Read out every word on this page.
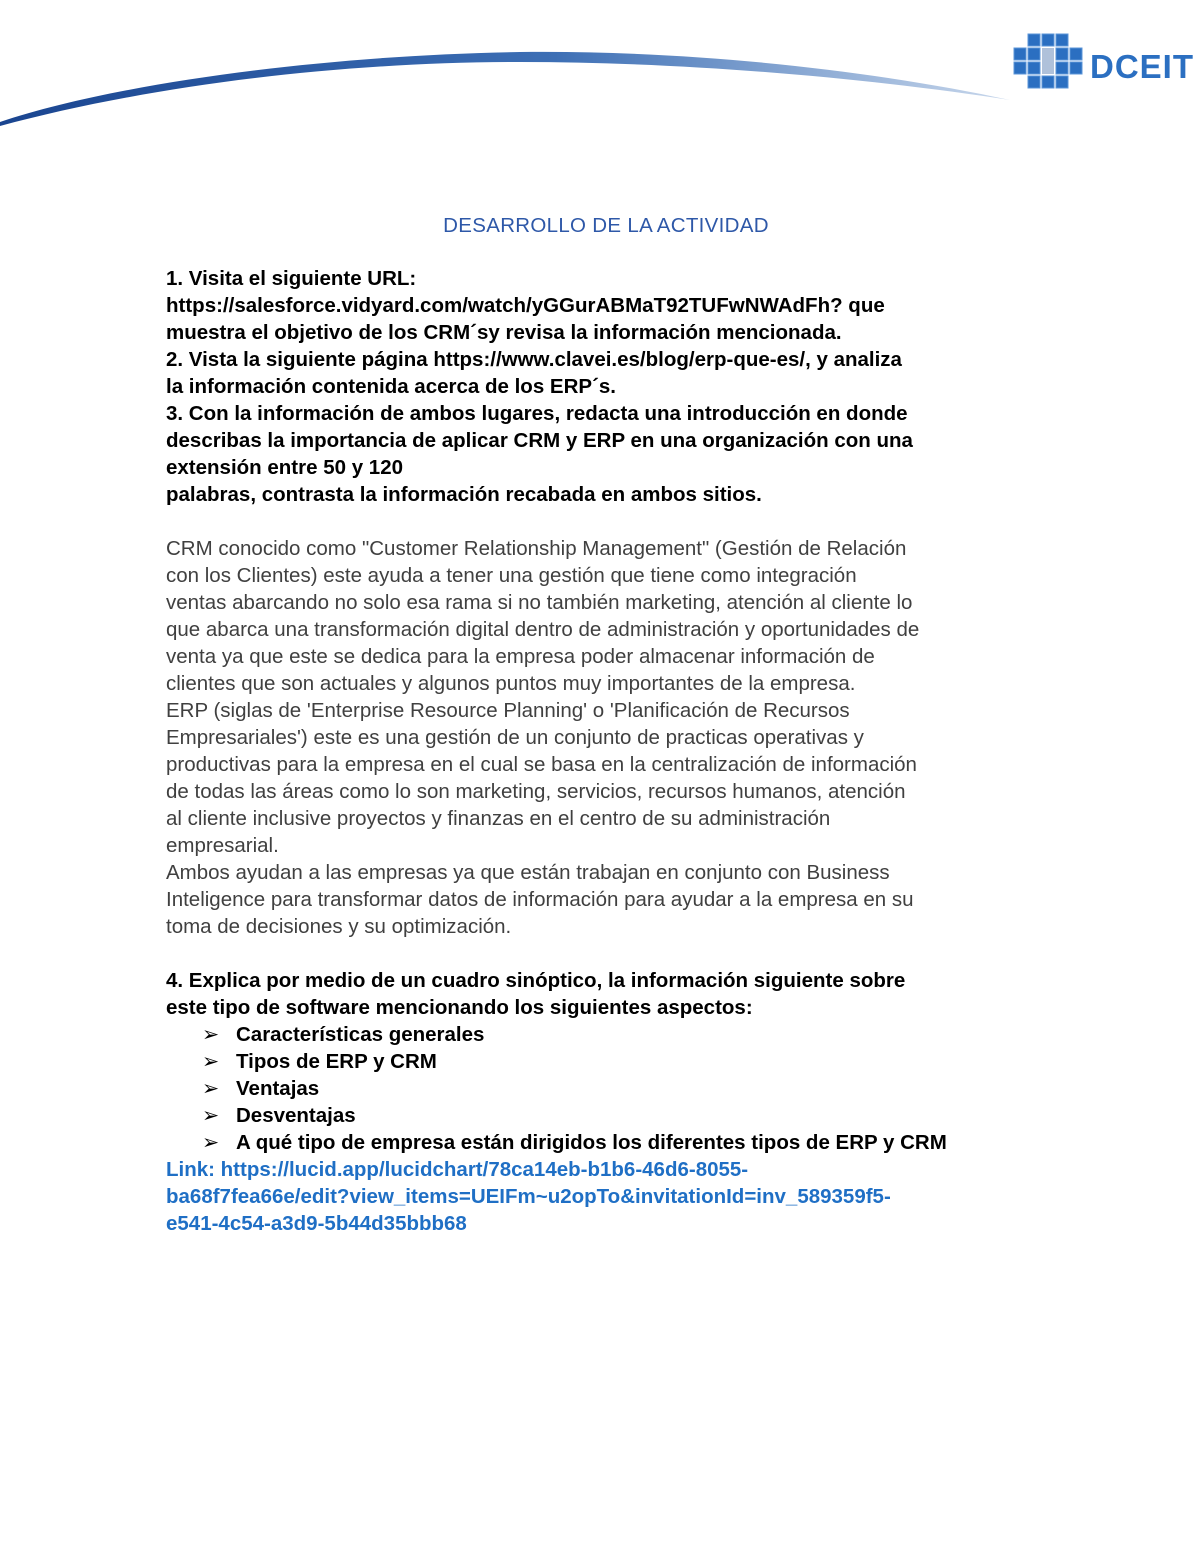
DCEIT
DESARROLLO DE LA ACTIVIDAD

1. Visita el siguiente URL:

https://salesforce.vidyard.com/watch/yGGurABMaT92TUFwNWAdFh? que

muestra el objetivo de los CRM´sy revisa la información mencionada.

2. Vista la siguiente página https://www.clavei.es/blog/erp-que-es/, y analiza

la información contenida acerca de los ERP´s.

3. Con la información de ambos lugares, redacta una introducción en donde

describas la importancia de aplicar CRM y ERP en una organización con una

extensión entre 50 y 120

palabras, contrasta la información recabada en ambos sitios.

CRM conocido como "Customer Relationship Management" (Gestión de Relación

con los Clientes) este ayuda a tener una gestión que tiene como integración

ventas abarcando no solo esa rama si no también marketing, atención al cliente lo

que abarca una transformación digital dentro de administración y oportunidades de

venta ya que este se dedica para la empresa poder almacenar información de

clientes que son actuales y algunos puntos muy importantes de la empresa.

ERP (siglas de 'Enterprise Resource Planning' o 'Planificación de Recursos

Empresariales') este es una gestión de un conjunto de practicas operativas y

productivas para la empresa en el cual se basa en la centralización de información

de todas las áreas como lo son marketing, servicios, recursos humanos, atención

al cliente inclusive proyectos y finanzas en el centro de su administración

empresarial.

Ambos ayudan a las empresas ya que están trabajan en conjunto con Business

Inteligence para transformar datos de información para ayudar a la empresa en su

toma de decisiones y su optimización.

4. Explica por medio de un cuadro sinóptico, la información siguiente sobre

este tipo de software mencionando los siguientes aspectos:

➢ Características generales
➢ Tipos de ERP y CRM
➢ Ventajas
➢ Desventajas
➢ A qué tipo de empresa están dirigidos los diferentes tipos de ERP y CRM

Link: https://lucid.app/lucidchart/78ca14eb-b1b6-46d6-8055-

ba68f7fea66e/edit?view_items=UEIFm~u2opTo&invitationId=inv_589359f5-

e541-4c54-a3d9-5b44d35bbb68
